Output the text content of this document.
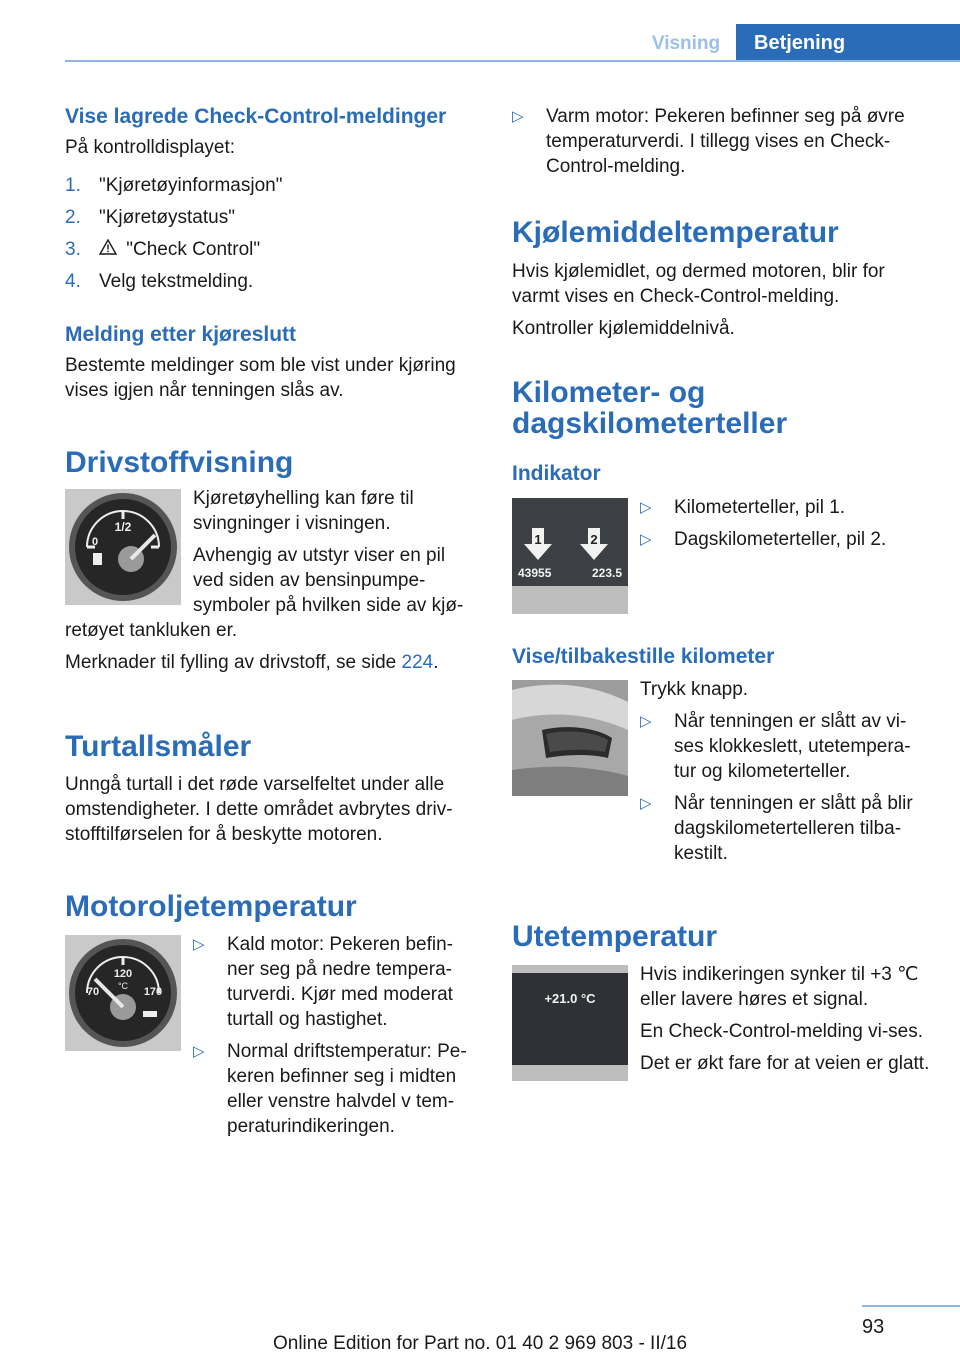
Visning	Betjening
Vise lagrede Check-Control-meldinger

På kontrolldisplayet:

1. "Kjøretøyinformasjon"
2. "Kjøretøystatus"
3. "Check Control"
4. Velg tekstmelding.
Melding etter kjøreslutt

Bestemte meldinger som ble vist under kjøring vises igjen når tenningen slås av.

Drivstoffvisning
1/2
0

Kjøretøyhelling kan føre til svingninger i visningen.

Avhengig av utstyr viser en pil ved siden av bensinpumpe-symboler på hvilken side av kjø-retøyet tankluken er.

Merknader til fylling av drivstoff, se side 224.

Turtallsmåler

Unngå turtall i det røde varselfeltet under alle omstendigheter. I dette området avbrytes driv-stofftilførselen for å beskytte motoren.

Motoroljetemperatur
120
°C
70	170
▷ Kald motor: Pekeren befin-ner seg på nedre tempera-turverdi. Kjør med moderat turtall og hastighet.
▷ Normal driftstemperatur: Pe-keren befinner seg i midten eller venstre halvdel v tem-peraturindikeringen.
▷ Varm motor: Pekeren befinner seg på øvre temperaturverdi. I tillegg vises en Check-Control-melding.
Kjølemiddeltemperatur

Hvis kjølemidlet, og dermed motoren, blir for varmt vises en Check-Control-melding.

Kontroller kjølemiddelnivå.

Kilometer- og dagskilometerteller
Indikator
1	2
43955	223.5
▷ Kilometerteller, pil 1.
▷ Dagskilometerteller, pil 2.
Vise/tilbakestille kilometer

Trykk knapp.

▷ Når tenningen er slått av vi-ses klokkeslett, utetempera-tur og kilometerteller.
▷ Når tenningen er slått på blir dagskilometertelleren tilba-kestilt.
Utetemperatur
+21.0 °C

Hvis indikeringen synker til +3 ℃ eller lavere høres et signal.

En Check-Control-melding vi-ses.

Det er økt fare for at veien er glatt.

93
Online Edition for Part no. 01 40 2 969 803 - II/16
